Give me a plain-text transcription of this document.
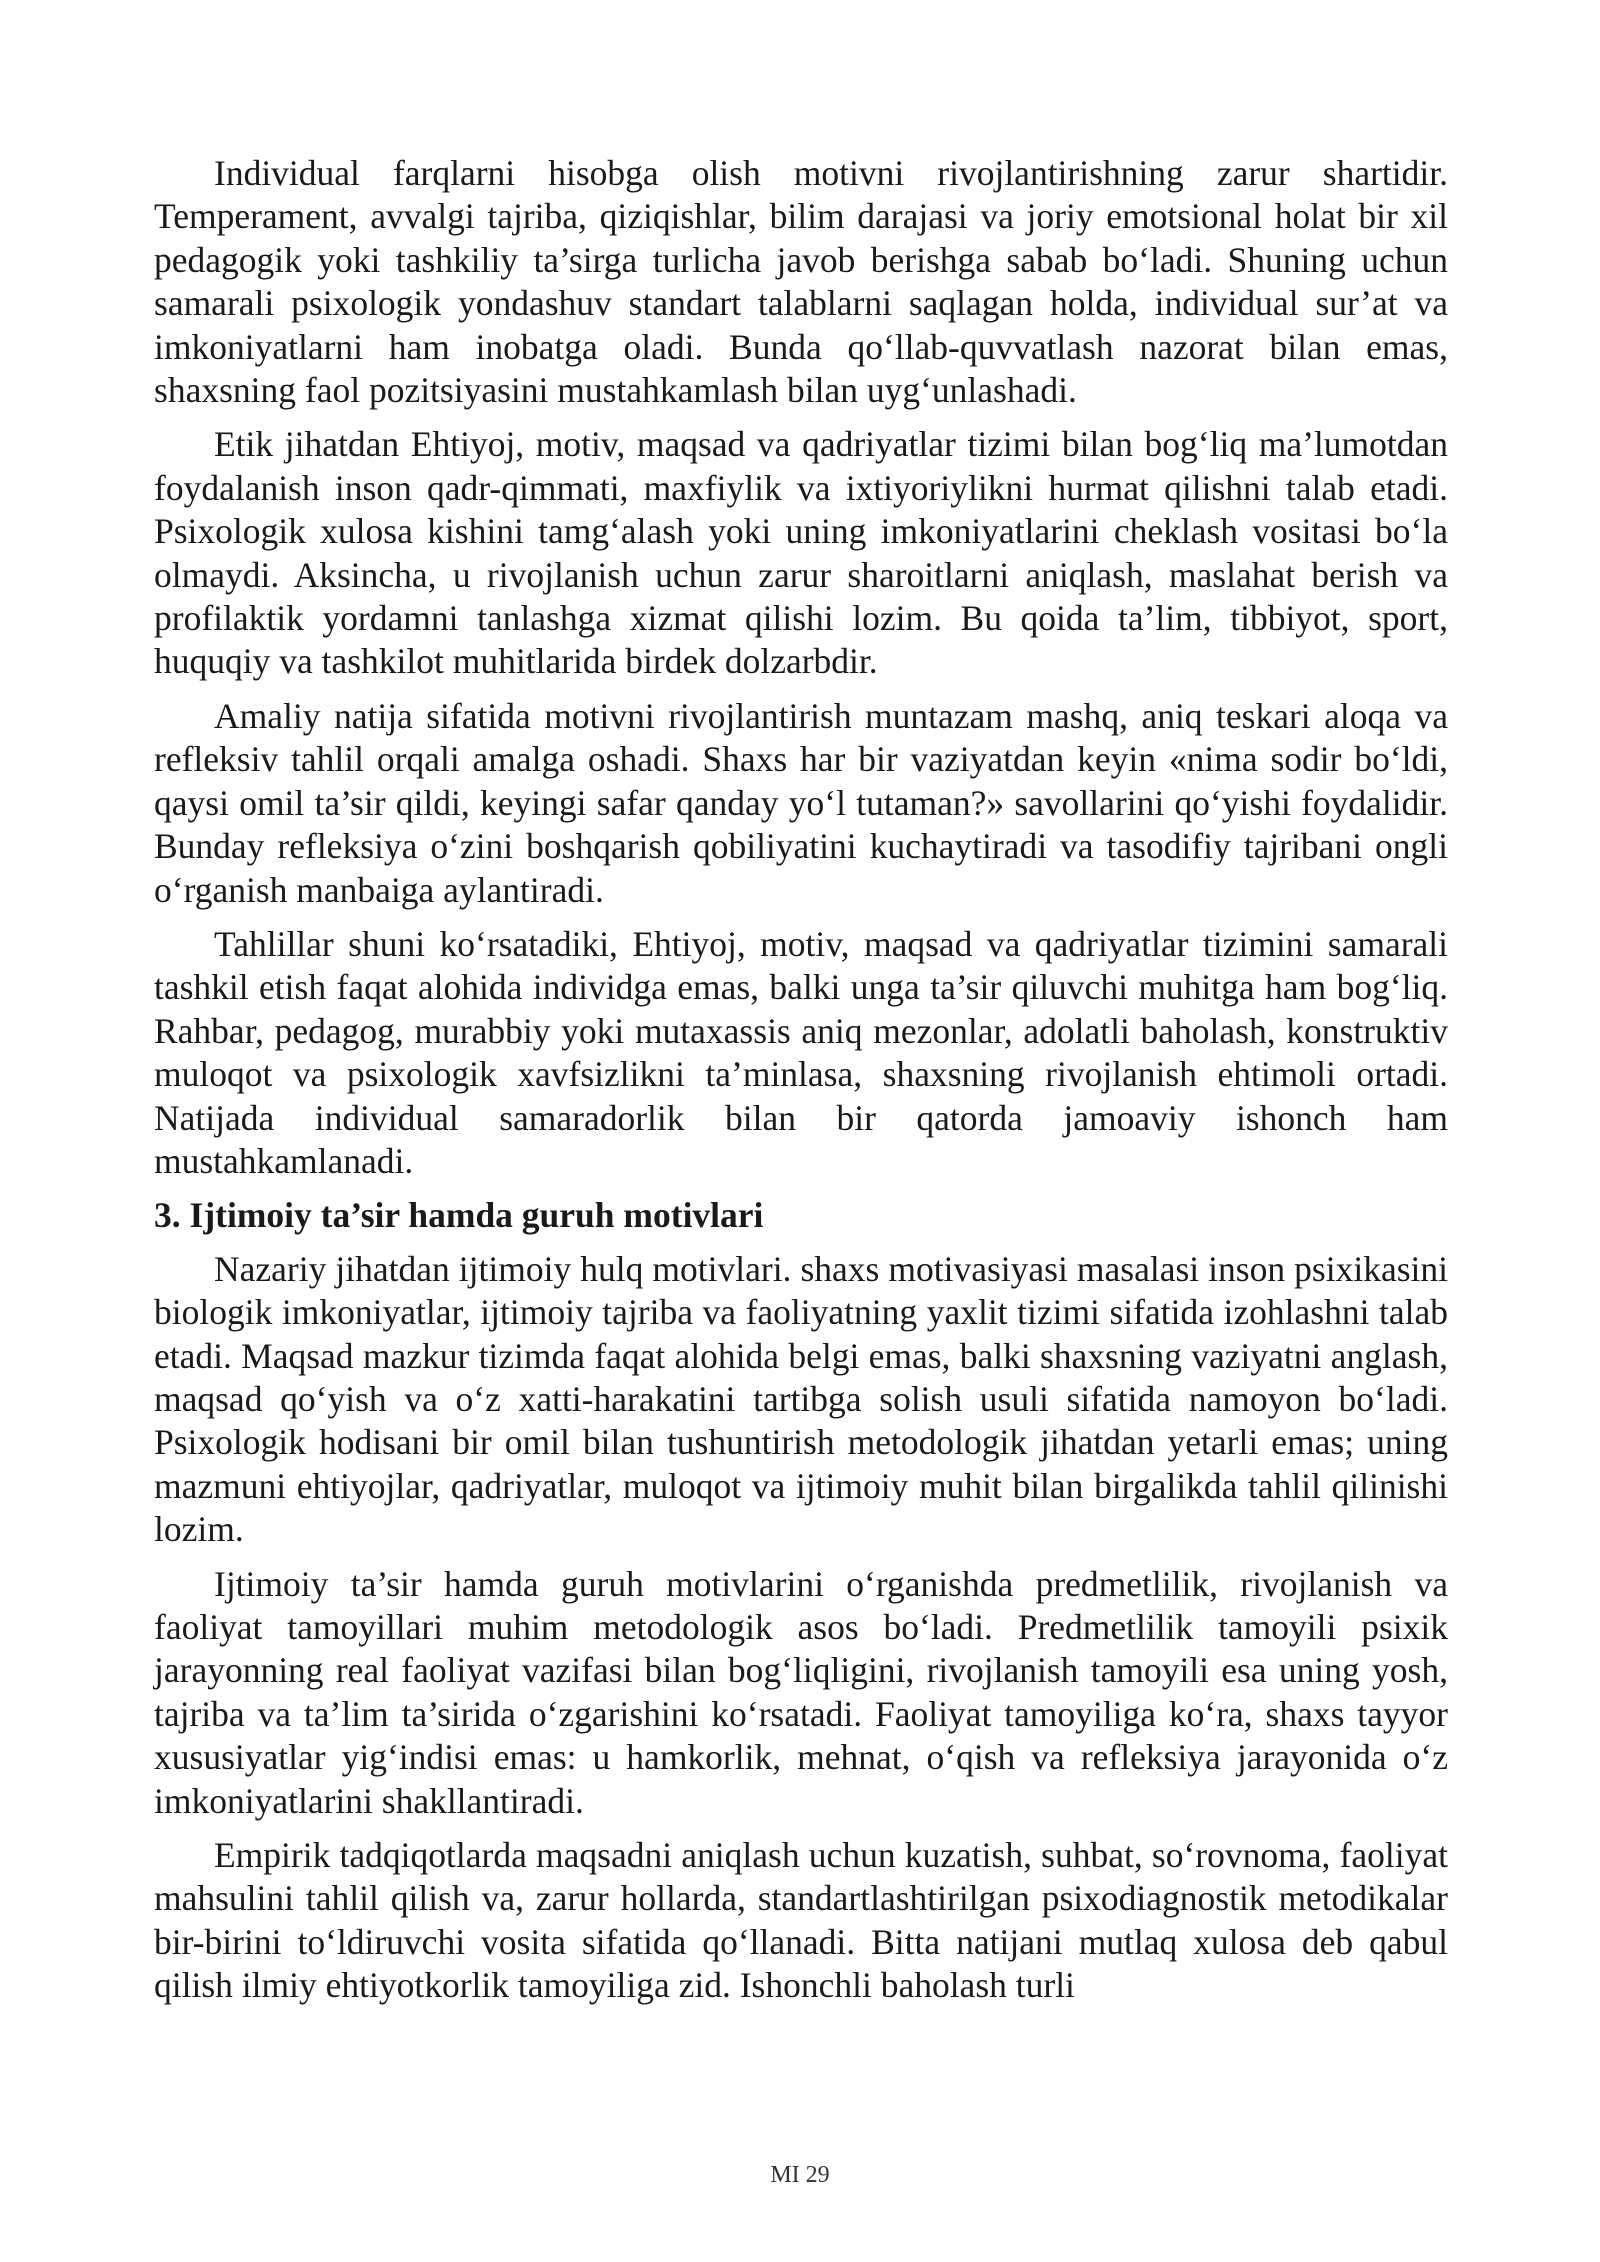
Individual farqlarni hisobga olish motivni rivojlantirishning zarur shartidir. Temperament, avvalgi tajriba, qiziqishlar, bilim darajasi va joriy emotsional holat bir xil pedagogik yoki tashkiliy ta’sirga turlicha javob berishga sabab bo‘ladi. Shuning uchun samarali psixologik yondashuv standart talablarni saqlagan holda, individual sur’at va imkoniyatlarni ham inobatga oladi. Bunda qo‘llab-quvvatlash nazorat bilan emas, shaxsning faol pozitsiyasini mustahkamlash bilan uyg‘unlashadi.

Etik jihatdan Ehtiyoj, motiv, maqsad va qadriyatlar tizimi bilan bog‘liq ma’lumotdan foydalanish inson qadr-qimmati, maxfiylik va ixtiyoriylikni hurmat qilishni talab etadi. Psixologik xulosa kishini tamg‘alash yoki uning imkoniyatlarini cheklash vositasi bo‘la olmaydi. Aksincha, u rivojlanish uchun zarur sharoitlarni aniqlash, maslahat berish va profilaktik yordamni tanlashga xizmat qilishi lozim. Bu qoida ta’lim, tibbiyot, sport, huquqiy va tashkilot muhitlarida birdek dolzarbdir.

Amaliy natija sifatida motivni rivojlantirish muntazam mashq, aniq teskari aloqa va refleksiv tahlil orqali amalga oshadi. Shaxs har bir vaziyatdan keyin «nima sodir bo‘ldi, qaysi omil ta’sir qildi, keyingi safar qanday yo‘l tutaman?» savollarini qo‘yishi foydalidir. Bunday refleksiya o‘zini boshqarish qobiliyatini kuchaytiradi va tasodifiy tajribani ongli o‘rganish manbaiga aylantiradi.

Tahlillar shuni ko‘rsatadiki, Ehtiyoj, motiv, maqsad va qadriyatlar tizimini samarali tashkil etish faqat alohida individga emas, balki unga ta’sir qiluvchi muhitga ham bog‘liq. Rahbar, pedagog, murabbiy yoki mutaxassis aniq mezonlar, adolatli baholash, konstruktiv muloqot va psixologik xavfsizlikni ta’minlasa, shaxsning rivojlanish ehtimoli ortadi. Natijada individual samaradorlik bilan bir qatorda jamoaviy ishonch ham mustahkamlanadi.

3. Ijtimoiy ta’sir hamda guruh motivlari

Nazariy jihatdan ijtimoiy hulq motivlari. shaxs motivasiyasi masalasi inson psixikasini biologik imkoniyatlar, ijtimoiy tajriba va faoliyatning yaxlit tizimi sifatida izohlashni talab etadi. Maqsad mazkur tizimda faqat alohida belgi emas, balki shaxsning vaziyatni anglash, maqsad qo‘yish va o‘z xatti-harakatini tartibga solish usuli sifatida namoyon bo‘ladi. Psixologik hodisani bir omil bilan tushuntirish metodologik jihatdan yetarli emas; uning mazmuni ehtiyojlar, qadriyatlar, muloqot va ijtimoiy muhit bilan birgalikda tahlil qilinishi lozim.

Ijtimoiy ta’sir hamda guruh motivlarini o‘rganishda predmetlilik, rivojlanish va faoliyat tamoyillari muhim metodologik asos bo‘ladi. Predmetlilik tamoyili psixik jarayonning real faoliyat vazifasi bilan bog‘liqligini, rivojlanish tamoyili esa uning yosh, tajriba va ta’lim ta’sirida o‘zgarishini ko‘rsatadi. Faoliyat tamoyiliga ko‘ra, shaxs tayyor xususiyatlar yig‘indisi emas: u hamkorlik, mehnat, o‘qish va refleksiya jarayonida o‘z imkoniyatlarini shakllantiradi.

Empirik tadqiqotlarda maqsadni aniqlash uchun kuzatish, suhbat, so‘rovnoma, faoliyat mahsulini tahlil qilish va, zarur hollarda, standartlashtirilgan psixodiagnostik metodikalar bir-birini to‘ldiruvchi vosita sifatida qo‘llanadi. Bitta natijani mutlaq xulosa deb qabul qilish ilmiy ehtiyotkorlik tamoyiliga zid. Ishonchli baholash turli

MI 29
